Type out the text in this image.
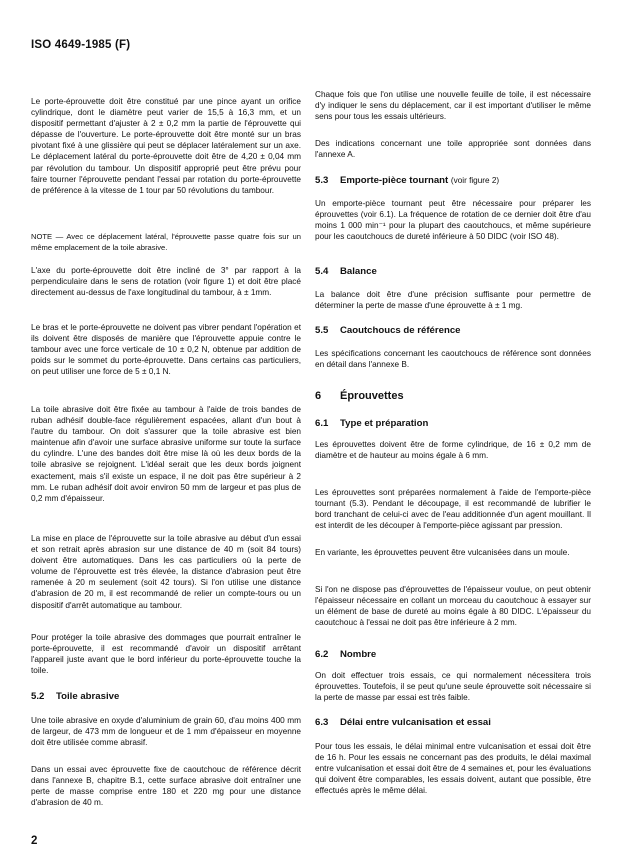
ISO 4649-1985 (F)

Le porte-éprouvette doit être constitué par une pince ayant un orifice cylindrique, dont le diamètre peut varier de 15,5 à 16,3 mm, et un dispositif permettant d'ajuster à 2 ± 0,2 mm la partie de l'éprouvette qui dépasse de l'ouverture. Le porte-éprouvette doit être monté sur un bras pivotant fixé à une glissière qui peut se déplacer latéralement sur un axe. Le déplacement latéral du porte-éprouvette doit être de 4,20 ± 0,04 mm par révolution du tambour. Un dispositif approprié peut être prévu pour faire tourner l'éprouvette pendant l'essai par rotation du porte-éprouvette de préférence à la vitesse de 1 tour par 50 révolutions du tambour.

NOTE — Avec ce déplacement latéral, l'éprouvette passe quatre fois sur un même emplacement de la toile abrasive.

L'axe du porte-éprouvette doit être incliné de 3° par rapport à la perpendiculaire dans le sens de rotation (voir figure 1) et doit être placé directement au-dessus de l'axe longitudinal du tambour, à ± 1mm.

Le bras et le porte-éprouvette ne doivent pas vibrer pendant l'opération et ils doivent être disposés de manière que l'éprouvette appuie contre le tambour avec une force verticale de 10 ± 0,2 N, obtenue par addition de poids sur le sommet du porte-éprouvette. Dans certains cas particuliers, on peut utiliser une force de 5 ± 0,1 N.

La toile abrasive doit être fixée au tambour à l'aide de trois bandes de ruban adhésif double-face régulièrement espacées, allant d'un bout à l'autre du tambour. On doit s'assurer que la toile abrasive est bien maintenue afin d'avoir une surface abrasive uniforme sur toute la surface du cylindre. L'une des bandes doit être mise là où les deux bords de la toile abrasive se rejoignent. L'idéal serait que les deux bords joignent exactement, mais s'il existe un espace, il ne doit pas être supérieur à 2 mm. Le ruban adhésif doit avoir environ 50 mm de largeur et pas plus de 0,2 mm d'épaisseur.

La mise en place de l'éprouvette sur la toile abrasive au début d'un essai et son retrait après abrasion sur une distance de 40 m (soit 84 tours) doivent être automatiques. Dans les cas particuliers où la perte de volume de l'éprouvette est très élevée, la distance d'abrasion peut être ramenée à 20 m seulement (soit 42 tours). Si l'on utilise une distance d'abrasion de 20 m, il est recommandé de relier un compte-tours ou un dispositif d'arrêt automatique au tambour.

Pour protéger la toile abrasive des dommages que pourrait entraîner le porte-éprouvette, il est recommandé d'avoir un dispositif arrêtant l'appareil juste avant que le bord inférieur du porte-éprouvette touche la toile.

5.2 Toile abrasive

Une toile abrasive en oxyde d'aluminium de grain 60, d'au moins 400 mm de largeur, de 473 mm de longueur et de 1 mm d'épaisseur en moyenne doit être utilisée comme abrasif.

Dans un essai avec éprouvette fixe de caoutchouc de référence décrit dans l'annexe B, chapitre B.1, cette surface abrasive doit entraîner une perte de masse comprise entre 180 et 220 mg pour une distance d'abrasion de 40 m.

Chaque fois que l'on utilise une nouvelle feuille de toile, il est nécessaire d'y indiquer le sens du déplacement, car il est important d'utiliser le même sens pour tous les essais ultérieurs.

Des indications concernant une toile appropriée sont données dans l'annexe A.

5.3 Emporte-pièce tournant (voir figure 2)

Un emporte-pièce tournant peut être nécessaire pour préparer les éprouvettes (voir 6.1). La fréquence de rotation de ce dernier doit être d'au moins 1 000 min⁻¹ pour la plupart des caoutchoucs, et même supérieure pour les caoutchoucs de dureté inférieure à 50 DIDC (voir ISO 48).

5.4 Balance

La balance doit être d'une précision suffisante pour permettre de déterminer la perte de masse d'une éprouvette à ± 1 mg.

5.5 Caoutchoucs de référence

Les spécifications concernant les caoutchoucs de référence sont données en détail dans l'annexe B.

6 Éprouvettes
6.1 Type et préparation

Les éprouvettes doivent être de forme cylindrique, de 16 ± 0,2 mm de diamètre et de hauteur au moins égale à 6 mm.

Les éprouvettes sont préparées normalement à l'aide de l'emporte-pièce tournant (5.3). Pendant le découpage, il est recommandé de lubrifier le bord tranchant de celui-ci avec de l'eau additionnée d'un agent mouillant. Il est interdit de les découper à l'emporte-pièce agissant par pression.

En variante, les éprouvettes peuvent être vulcanisées dans un moule.

Si l'on ne dispose pas d'éprouvettes de l'épaisseur voulue, on peut obtenir l'épaisseur nécessaire en collant un morceau du caoutchouc à essayer sur un élément de base de dureté au moins égale à 80 DIDC. L'épaisseur du caoutchouc à l'essai ne doit pas être inférieure à 2 mm.

6.2 Nombre

On doit effectuer trois essais, ce qui normalement nécessitera trois éprouvettes. Toutefois, il se peut qu'une seule éprouvette soit nécessaire si la perte de masse par essai est très faible.

6.3 Délai entre vulcanisation et essai

Pour tous les essais, le délai minimal entre vulcanisation et essai doit être de 16 h. Pour les essais ne concernant pas des produits, le délai maximal entre vulcanisation et essai doit être de 4 semaines et, pour les évaluations qui doivent être comparables, les essais doivent, autant que possible, être effectués après le même délai.

2
